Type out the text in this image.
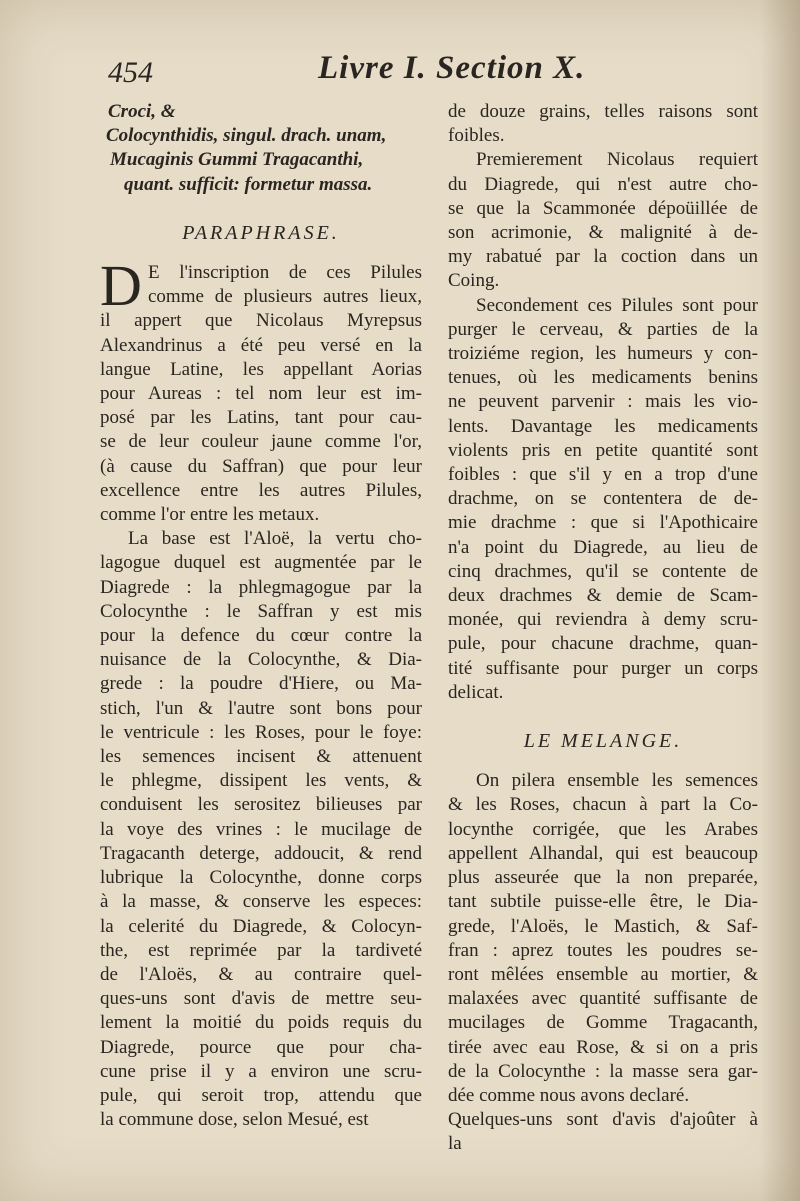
454	Livre I. Section X.
Croci, &
Colocynthidis, singul. drach. unam,
Mucaginis Gummi Tragacanthi,
quant. sufficit: formetur massa.
PARAPHRASE.
D E l'inscription de ces Pilules
comme de plusieurs autres lieux,
il appert que Nicolaus Myrepsus
Alexandrinus a été peu versé en la
langue Latine, les appellant Aorias
pour Aureas : tel nom leur est im-
posé par les Latins, tant pour cau-
se de leur couleur jaune comme l'or,
(à cause du Saffran) que pour leur
excellence entre les autres Pilules,
comme l'or entre les metaux.
La base est l'Aloë, la vertu cho-
lagogue duquel est augmentée par le
Diagrede : la phlegmagogue par la
Colocynthe : le Saffran y est mis
pour la defence du cœur contre la
nuisance de la Colocynthe, & Dia-
grede : la poudre d'Hiere, ou Ma-
stich, l'un & l'autre sont bons pour
le ventricule : les Roses, pour le foye:
les semences incisent & attenuent
le phlegme, dissipent les vents, &
conduisent les serositez bilieuses par
la voye des vrines : le mucilage de
Tragacanth deterge, addoucit, & rend
lubrique la Colocynthe, donne corps
à la masse, & conserve les especes:
la celerité du Diagrede, & Colocyn-
the, est reprimée par la tardiveté
de l'Aloës, & au contraire quel-
ques-uns sont d'avis de mettre seu-
lement la moitié du poids requis du
Diagrede, pource que pour cha-
cune prise il y a environ une scru-
pule, qui seroit trop, attendu que
la commune dose, selon Mesué, est
de douze grains, telles raisons sont
foibles.
Premierement Nicolaus requiert
du Diagrede, qui n'est autre cho-
se que la Scammonée dépoüillée de
son acrimonie, & malignité à de-
my rabatué par la coction dans un
Coing.
Secondement ces Pilules sont pour
purger le cerveau, & parties de la
troiziéme region, les humeurs y con-
tenues, où les medicaments benins
ne peuvent parvenir : mais les vio-
lents. Davantage les medicaments
violents pris en petite quantité sont
foibles : que s'il y en a trop d'une
drachme, on se contentera de de-
mie drachme : que si l'Apothicaire
n'a point du Diagrede, au lieu de
cinq drachmes, qu'il se contente de
deux drachmes & demie de Scam-
monée, qui reviendra à demy scru-
pule, pour chacune drachme, quan-
tité suffisante pour purger un corps
delicat.
LE MELANGE.
On pilera ensemble les semences
& les Roses, chacun à part la Co-
locynthe corrigée, que les Arabes
appellent Alhandal, qui est beaucoup
plus asseurée que la non preparée,
tant subtile puisse-elle être, le Dia-
grede, l'Aloës, le Mastich, & Saf-
fran : aprez toutes les poudres se-
ront mêlées ensemble au mortier, &
malaxées avec quantité suffisante de
mucilages de Gomme Tragacanth,
tirée avec eau Rose, & si on a pris
de la Colocynthe : la masse sera gar-
dée comme nous avons declaré.
Quelques-uns sont d'avis d'ajoûter à
la
